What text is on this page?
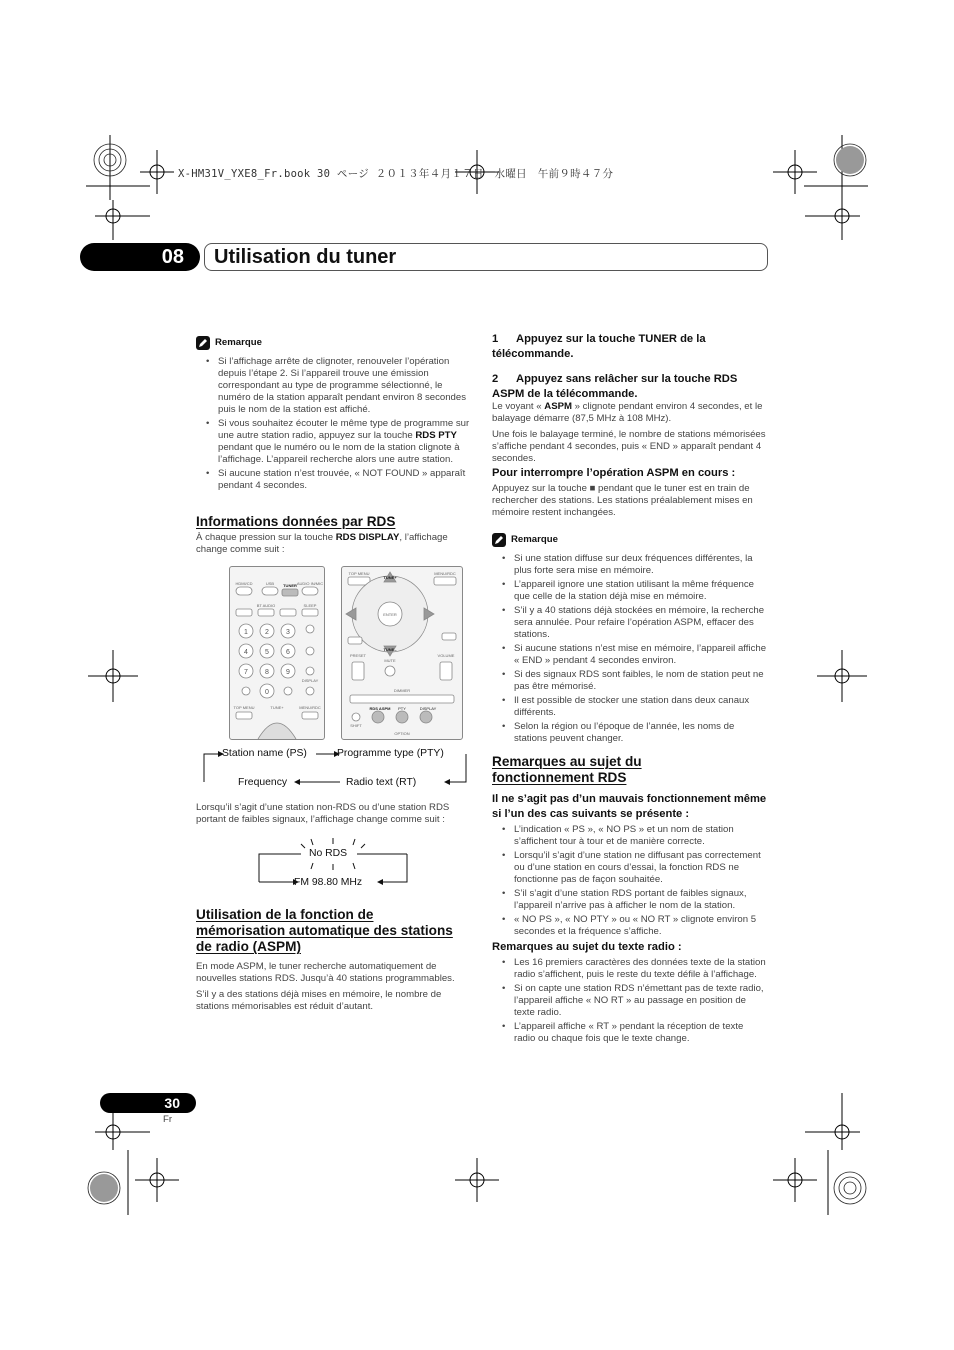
X-HM31V_YXE8_Fr.book 30 ページ ２０１３年４月１７日　水曜日　午前９時４７分
08	Utilisation du tuner
Remarque
• Si l’affichage arrête de clignoter, renouveler l’opération depuis l’étape 2. Si l’appareil trouve une émission correspondant au type de programme sélectionné, le numéro de la station apparaît pendant environ 8 secondes puis le nom de la station est affiché.
• Si vous souhaitez écouter le même type de programme sur une autre station radio, appuyez sur la touche RDS PTY pendant que le numéro ou le nom de la station clignote à l’affichage. L’appareil recherche alors une autre station.
• Si aucune station n’est trouvée, « NOT FOUND » apparaît pendant 4 secondes.
Informations données par RDS
À chaque pression sur la touche RDS DISPLAY, l’affichage change comme suit :
1 2 3
4 5 6
7 8 9
0
HDMI/CD	USB TUNER AUDIO IN/MIC
BT AUDIO	SLEEP
TOP MENU	TUNE+	MENU/RDC
DISPLAY
TOP MENU
TUNE+
MENU/RDC
ENTER
TUNE–
PRESET	VOLUME
MUTE
DIMMER
SHIFT
RDS ASPM PTY	DISPLAY
OPTION
Station name (PS)	Programme type (PTY)
Frequency	Radio text (RT)
Lorsqu’il s’agit d’une station non-RDS ou d’une station RDS portant de faibles signaux, l’affichage change comme suit :
No RDS
FM 98.80 MHz
Utilisation de la fonction de mémorisation automatique des stations de radio (ASPM)

En mode ASPM, le tuner recherche automatiquement de nouvelles stations RDS. Jusqu’à 40 stations programmables.

S’il y a des stations déjà mises en mémoire, le nombre de stations mémorisables est réduit d’autant.

1 Appuyez sur la touche TUNER de la télécommande.
2 Appuyez sans relâcher sur la touche RDS ASPM de la télécommande.

Le voyant « ASPM » clignote pendant environ 4 secondes, et le balayage démarre (87,5 MHz à 108 MHz).

Une fois le balayage terminé, le nombre de stations mémorisées s’affiche pendant 4 secondes, puis « END » apparaît pendant 4 secondes.

Pour interrompre l’opération ASPM en cours :
Appuyez sur la touche ■ pendant que le tuner est en train de rechercher des stations. Les stations préalablement mises en mémoire restent inchangées.
Remarque
• Si une station diffuse sur deux fréquences différentes, la plus forte sera mise en mémoire.
• L’appareil ignore une station utilisant la même fréquence que celle de la station déjà mise en mémoire.
• S’il y a 40 stations déjà stockées en mémoire, la recherche sera annulée. Pour refaire l’opération ASPM, effacer des stations.
• Si aucune stations n’est mise en mémoire, l’appareil affiche « END » pendant 4 secondes environ.
• Si des signaux RDS sont faibles, le nom de station peut ne pas être mémorisé.
• Il est possible de stocker une station dans deux canaux différents.
• Selon la région ou l’époque de l’année, les noms de stations peuvent changer.
Remarques au sujet du fonctionnement RDS
Il ne s’agit pas d’un mauvais fonctionnement même si l’un des cas suivants se présente :
• L’indication « PS », « NO PS » et un nom de station s’affichent tour à tour et de manière correcte.
• Lorsqu’il s’agit d’une station ne diffusant pas correctement ou d’une station en cours d’essai, la fonction RDS ne fonctionne pas de façon souhaitée.
• S’il s’agit d’une station RDS portant de faibles signaux, l’appareil n’arrive pas à afficher le nom de la station.
• « NO PS », « NO PTY » ou « NO RT » clignote environ 5 secondes et la fréquence s’affiche.
Remarques au sujet du texte radio :
• Les 16 premiers caractères des données texte de la station radio s’affichent, puis le reste du texte défile à l’affichage.
• Si on capte une station RDS n’émettant pas de texte radio, l’appareil affiche « NO RT » au passage en position de texte radio.
• L’appareil affiche « RT » pendant la réception de texte radio ou chaque fois que le texte change.
30
Fr
